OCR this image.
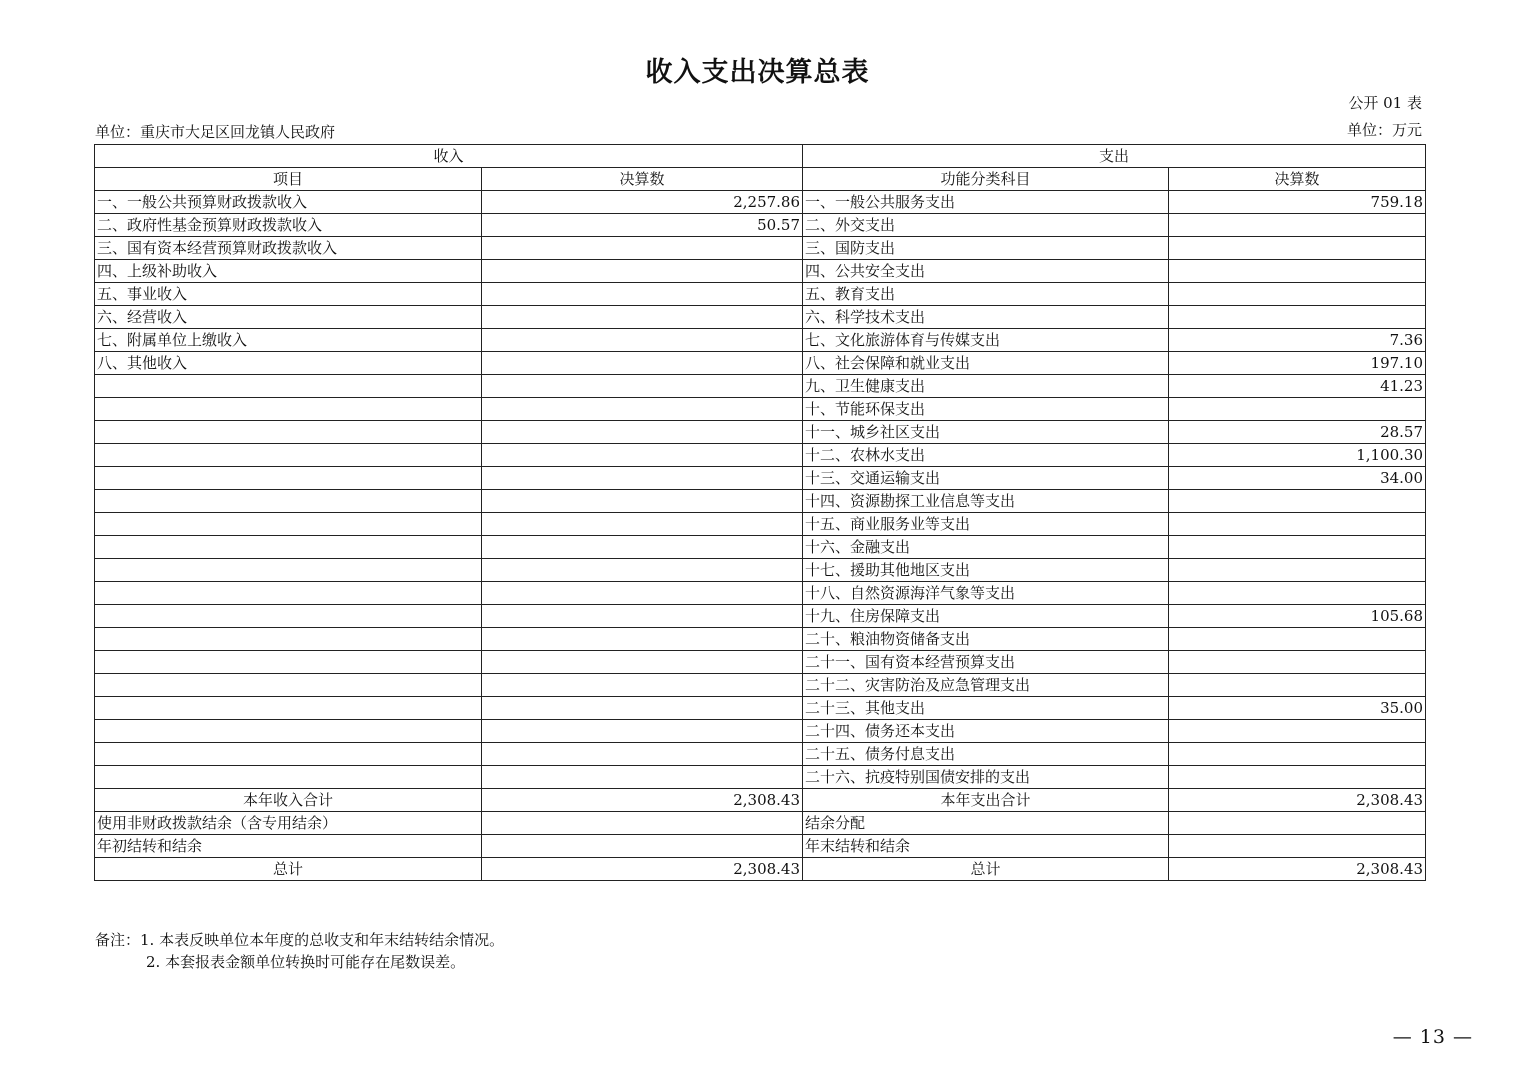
收入支出决算总表
公开 01 表
单位：重庆市大足区回龙镇人民政府	单位：万元
收入		支出	
项目	决算数	功能分类科目	决算数
一、一般公共预算财政拨款收入	2,257.86	一、一般公共服务支出	759.18
二、政府性基金预算财政拨款收入	50.57	二、外交支出	
三、国有资本经营预算财政拨款收入		三、国防支出	
四、上级补助收入		四、公共安全支出	
五、事业收入		五、教育支出	
六、经营收入		六、科学技术支出	
七、附属单位上缴收入		七、文化旅游体育与传媒支出	7.36
八、其他收入		八、社会保障和就业支出	197.10
		九、卫生健康支出	41.23
		十、节能环保支出	
		十一、城乡社区支出	28.57
		十二、农林水支出	1,100.30
		十三、交通运输支出	34.00
		十四、资源勘探工业信息等支出	
		十五、商业服务业等支出	
		十六、金融支出	
		十七、援助其他地区支出	
		十八、自然资源海洋气象等支出	
		十九、住房保障支出	105.68
		二十、粮油物资储备支出	
		二十一、国有资本经营预算支出	
		二十二、灾害防治及应急管理支出	
		二十三、其他支出	35.00
		二十四、债务还本支出	
		二十五、债务付息支出	
		二十六、抗疫特别国债安排的支出	
本年收入合计	2,308.43	本年支出合计	2,308.43
使用非财政拨款结余（含专用结余）		结余分配	
年初结转和结余		年末结转和结余	
总计	2,308.43	总计	2,308.43
备注：1. 本表反映单位本年度的总收支和年末结转结余情况。
2. 本套报表金额单位转换时可能存在尾数误差。
— 13 —
